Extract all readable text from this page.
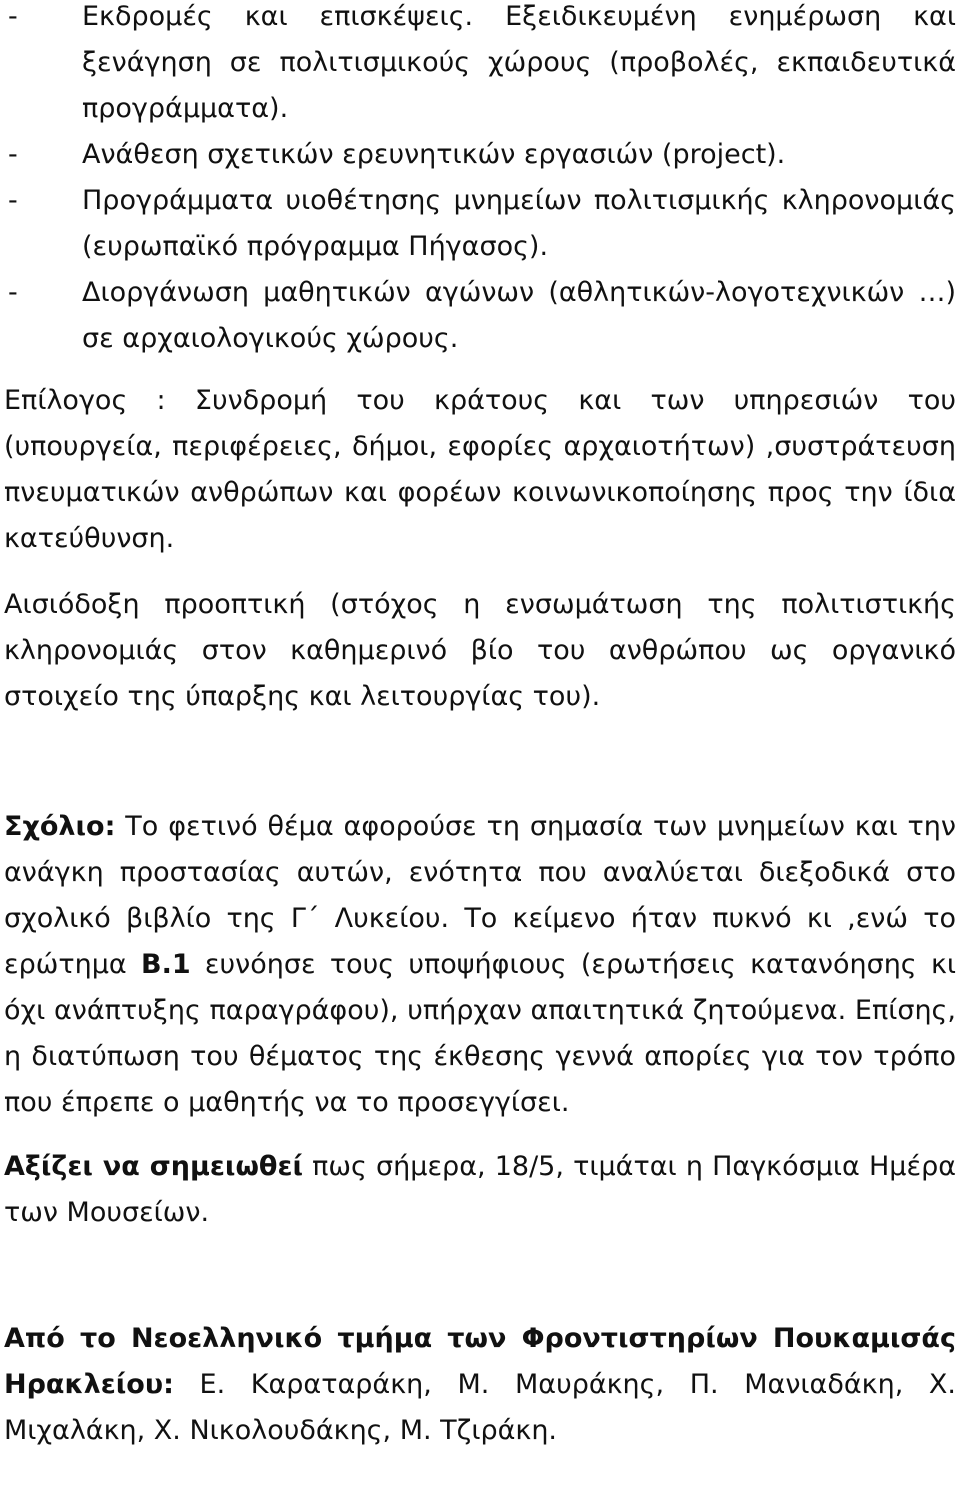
- Εκδρομές και επισκέψεις. Εξειδικευμένη ενημέρωση και ξενάγηση σε πολιτισμικούς χώρους (προβολές, εκπαιδευτικά προγράμματα).

- Ανάθεση σχετικών ερευνητικών εργασιών (project).

- Προγράμματα υιοθέτησης μνημείων πολιτισμικής κληρονομιάς (ευρωπαϊκό πρόγραμμα Πήγασος).

- Διοργάνωση μαθητικών αγώνων (αθλητικών-λογοτεχνικών …) σε αρχαιολογικούς χώρους.

Επίλογος : Συνδρομή του κράτους και των υπηρεσιών του (υπουργεία, περιφέρειες, δήμοι, εφορίες αρχαιοτήτων) ,συστράτευση πνευματικών ανθρώπων και φορέων κοινωνικοποίησης προς την ίδια κατεύθυνση.

Αισιόδοξη προοπτική (στόχος η ενσωμάτωση της πολιτιστικής κληρονομιάς στον καθημερινό βίο του ανθρώπου ως οργανικό στοιχείο της ύπαρξης και λειτουργίας του).

Σχόλιο: Το φετινό θέμα αφορούσε τη σημασία των μνημείων και την ανάγκη προστασίας αυτών, ενότητα που αναλύεται διεξοδικά στο σχολικό βιβλίο της Γ΄ Λυκείου. Το κείμενο ήταν πυκνό κι ,ενώ το ερώτημα Β.1 ευνόησε τους υποψήφιους (ερωτήσεις κατανόησης κι όχι ανάπτυξης παραγράφου), υπήρχαν απαιτητικά ζητούμενα. Επίσης, η διατύπωση του θέματος της έκθεσης γεννά απορίες για τον τρόπο που έπρεπε ο μαθητής να το προσεγγίσει.

Αξίζει να σημειωθεί πως σήμερα, 18/5, τιμάται η Παγκόσμια Ημέρα των Μουσείων.

Από το Νεοελληνικό τμήμα των Φροντιστηρίων Πουκαμισάς Ηρακλείου: Ε. Καραταράκη, Μ. Μαυράκης, Π. Μανιαδάκη, Χ. Μιχαλάκη, Χ. Νικολουδάκης, Μ. Τζιράκη.
